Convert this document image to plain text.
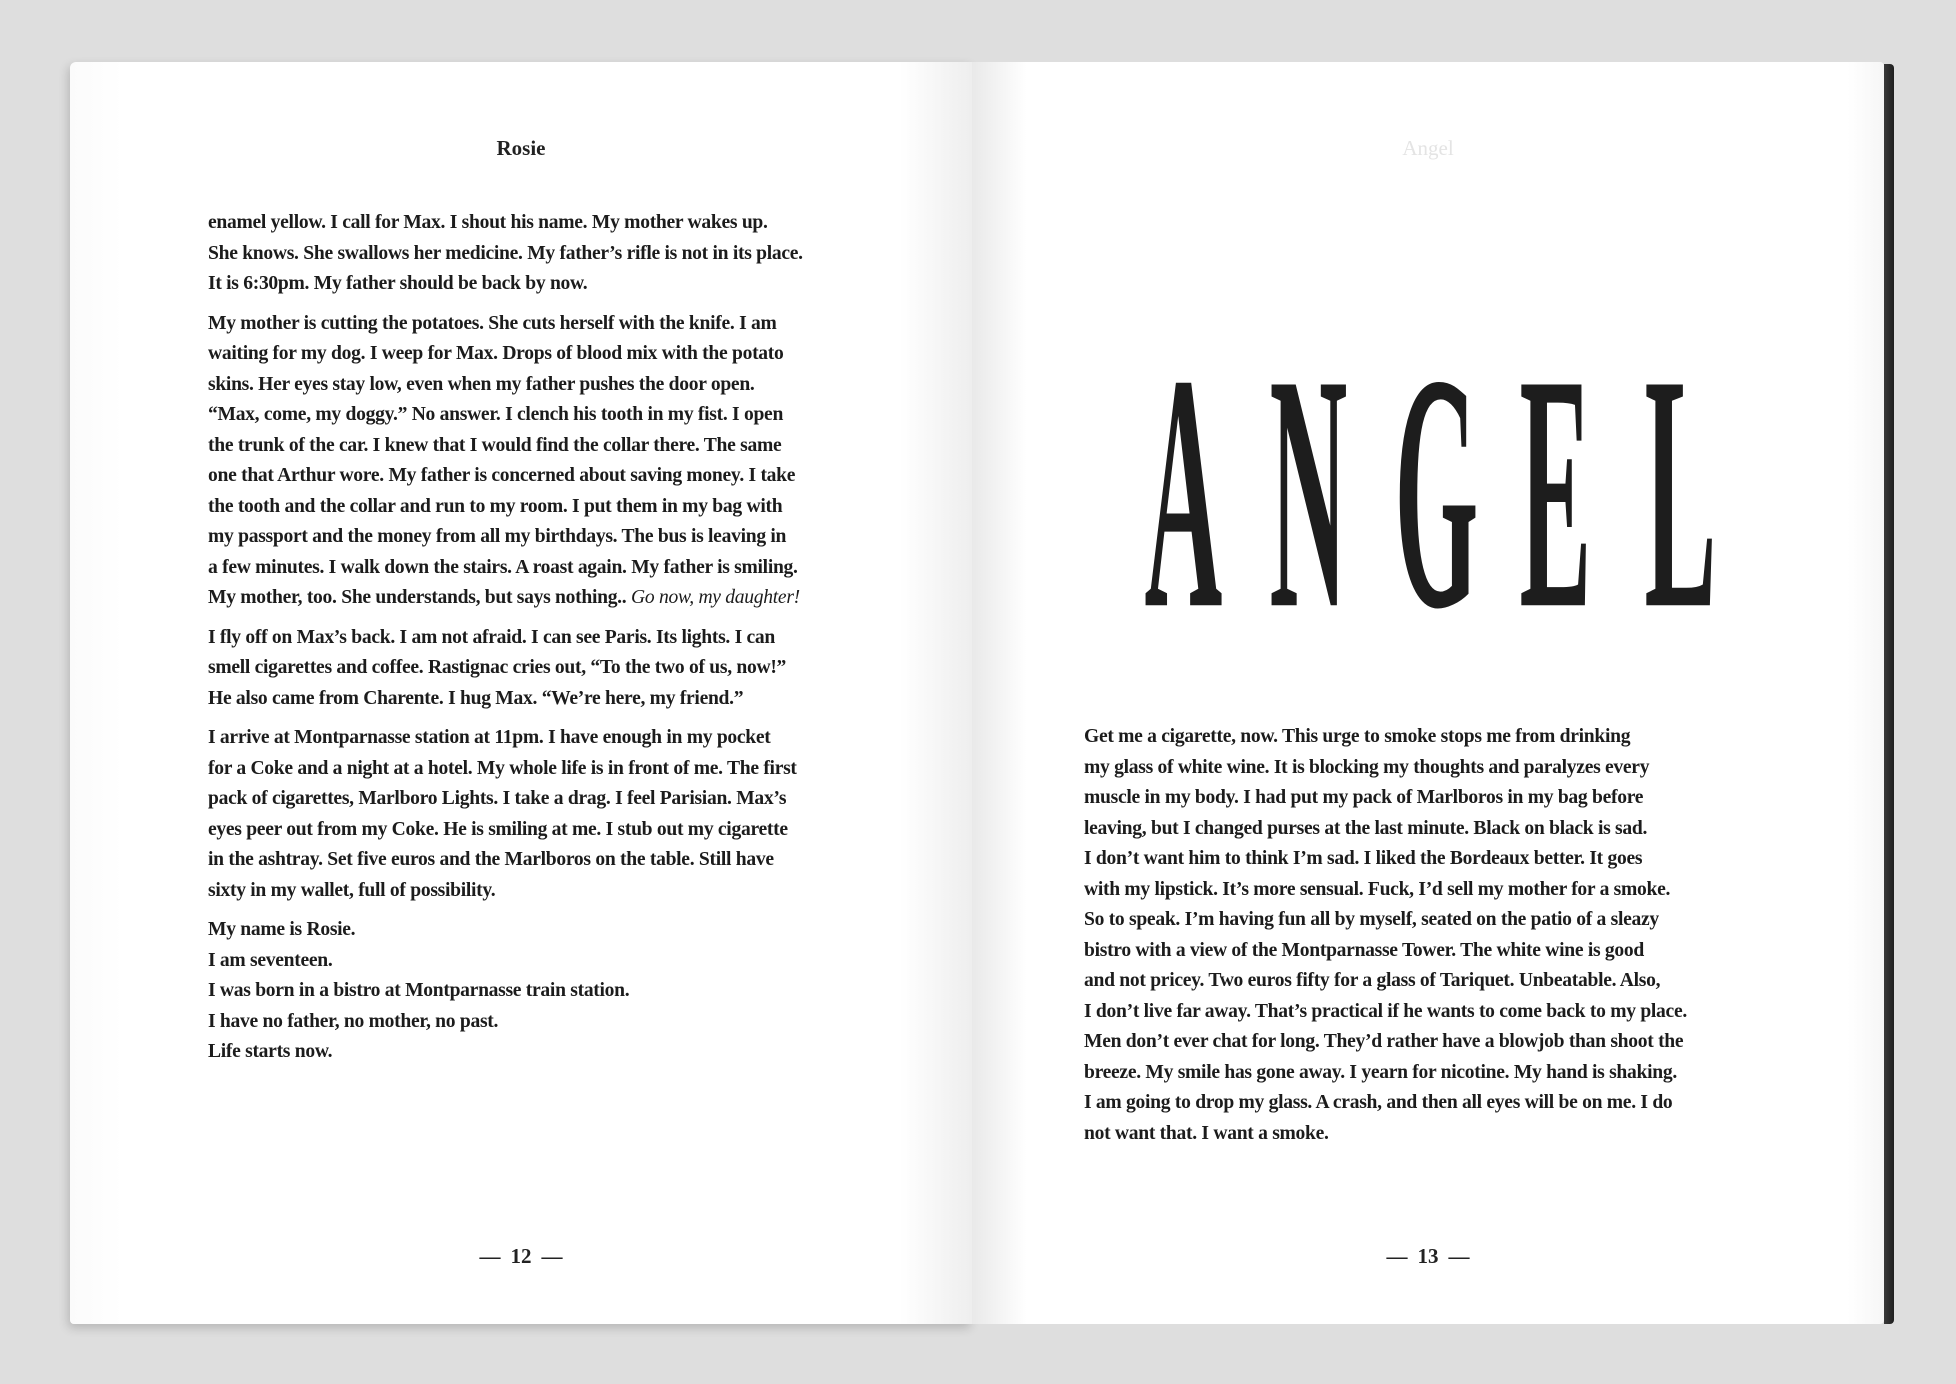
Rosie

enamel yellow. I call for Max. I shout his name. My mother wakes up.
She knows. She swallows her medicine. My father’s rifle is not in its place.
It is 6:30pm. My father should be back by now.

My mother is cutting the potatoes. She cuts herself with the knife. I am
waiting for my dog. I weep for Max. Drops of blood mix with the potato
skins. Her eyes stay low, even when my father pushes the door open.
“Max, come, my doggy.” No answer. I clench his tooth in my fist. I open
the trunk of the car. I knew that I would find the collar there. The same
one that Arthur wore. My father is concerned about saving money. I take
the tooth and the collar and run to my room. I put them in my bag with
my passport and the money from all my birthdays. The bus is leaving in
a few minutes. I walk down the stairs. A roast again. My father is smiling.
My mother, too. She understands, but says nothing.. Go now, my daughter!

I fly off on Max’s back. I am not afraid. I can see Paris. Its lights. I can
smell cigarettes and coffee. Rastignac cries out, “To the two of us, now!”
He also came from Charente. I hug Max. “We’re here, my friend.”

I arrive at Montparnasse station at 11pm. I have enough in my pocket
for a Coke and a night at a hotel. My whole life is in front of me. The first
pack of cigarettes, Marlboro Lights. I take a drag. I feel Parisian. Max’s
eyes peer out from my Coke. He is smiling at me. I stub out my cigarette
in the ashtray. Set five euros and the Marlboros on the table. Still have
sixty in my wallet, full of possibility.

My name is Rosie.
I am seventeen.
I was born in a bistro at Montparnasse train station.
I have no father, no mother, no past.
Life starts now.

— 12 —
Angel
A N G E L

Get me a cigarette, now. This urge to smoke stops me from drinking
my glass of white wine. It is blocking my thoughts and paralyzes every
muscle in my body. I had put my pack of Marlboros in my bag before
leaving, but I changed purses at the last minute. Black on black is sad.
I don’t want him to think I’m sad. I liked the Bordeaux better. It goes
with my lipstick. It’s more sensual. Fuck, I’d sell my mother for a smoke.
So to speak. I’m having fun all by myself, seated on the patio of a sleazy
bistro with a view of the Montparnasse Tower. The white wine is good
and not pricey. Two euros fifty for a glass of Tariquet. Unbeatable. Also,
I don’t live far away. That’s practical if he wants to come back to my place.
Men don’t ever chat for long. They’d rather have a blowjob than shoot the
breeze. My smile has gone away. I yearn for nicotine. My hand is shaking.
I am going to drop my glass. A crash, and then all eyes will be on me. I do
not want that. I want a smoke.

— 13 —
